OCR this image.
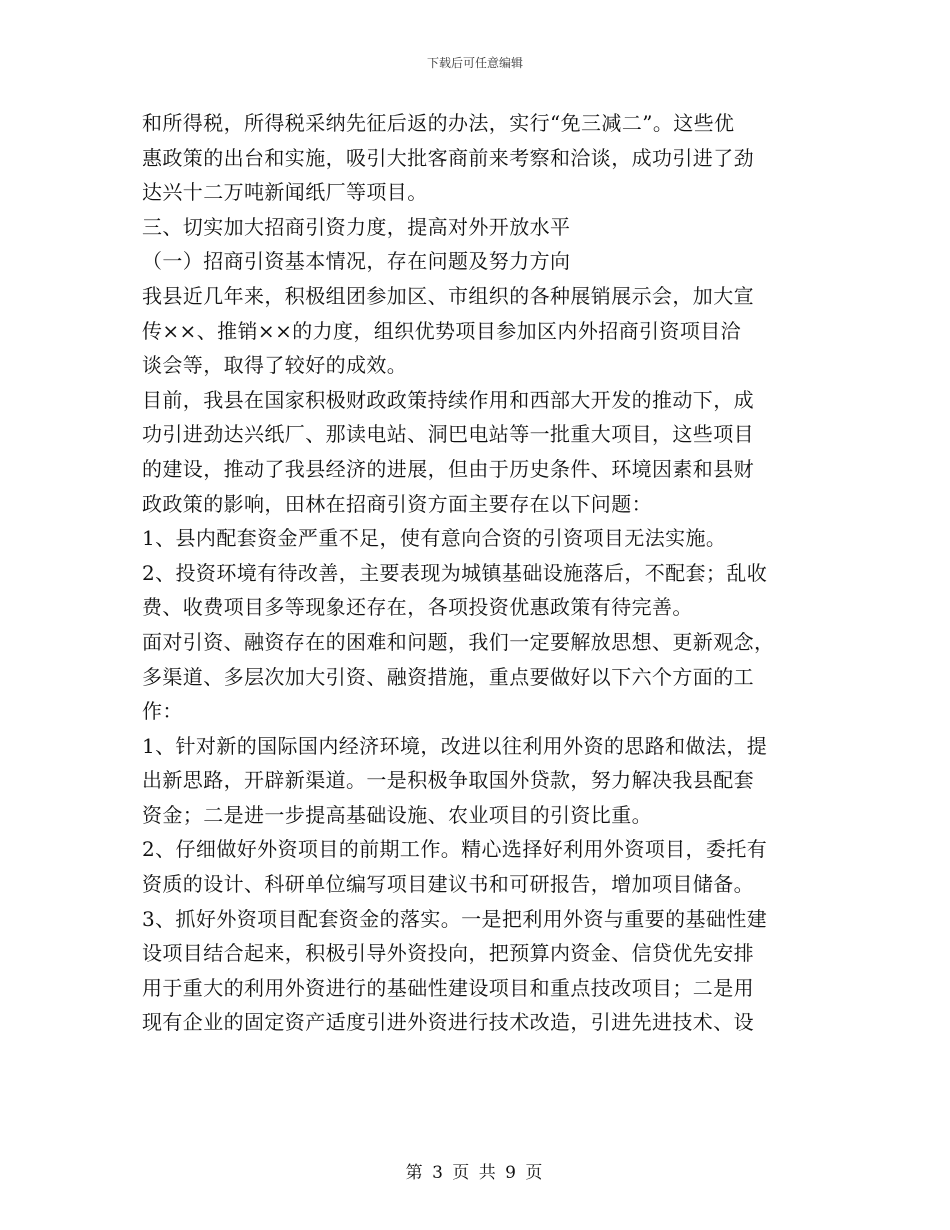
下载后可任意编辑
和所得税，所得税采纳先征后返的办法，实行“免三减二”。这些优
惠政策的出台和实施，吸引大批客商前来考察和洽谈，成功引进了劲
达兴十二万吨新闻纸厂等项目。
三、切实加大招商引资力度，提高对外开放水平
（一）招商引资基本情况，存在问题及努力方向
我县近几年来，积极组团参加区、市组织的各种展销展示会，加大宣
传××、推销××的力度，组织优势项目参加区内外招商引资项目洽
谈会等，取得了较好的成效。
目前，我县在国家积极财政政策持续作用和西部大开发的推动下，成
功引进劲达兴纸厂、那读电站、洞巴电站等一批重大项目，这些项目
的建设，推动了我县经济的进展，但由于历史条件、环境因素和县财
政政策的影响，田林在招商引资方面主要存在以下问题：
1、县内配套资金严重不足，使有意向合资的引资项目无法实施。
2、投资环境有待改善，主要表现为城镇基础设施落后，不配套；乱收
费、收费项目多等现象还存在，各项投资优惠政策有待完善。
面对引资、融资存在的困难和问题，我们一定要解放思想、更新观念，
多渠道、多层次加大引资、融资措施，重点要做好以下六个方面的工
作：
1、针对新的国际国内经济环境，改进以往利用外资的思路和做法，提
出新思路，开辟新渠道。一是积极争取国外贷款，努力解决我县配套
资金；二是进一步提高基础设施、农业项目的引资比重。
2、仔细做好外资项目的前期工作。精心选择好利用外资项目，委托有
资质的设计、科研单位编写项目建议书和可研报告，增加项目储备。
3、抓好外资项目配套资金的落实。一是把利用外资与重要的基础性建
设项目结合起来，积极引导外资投向，把预算内资金、信贷优先安排
用于重大的利用外资进行的基础性建设项目和重点技改项目；二是用
现有企业的固定资产适度引进外资进行技术改造，引进先进技术、设
第 3 页 共 9 页
